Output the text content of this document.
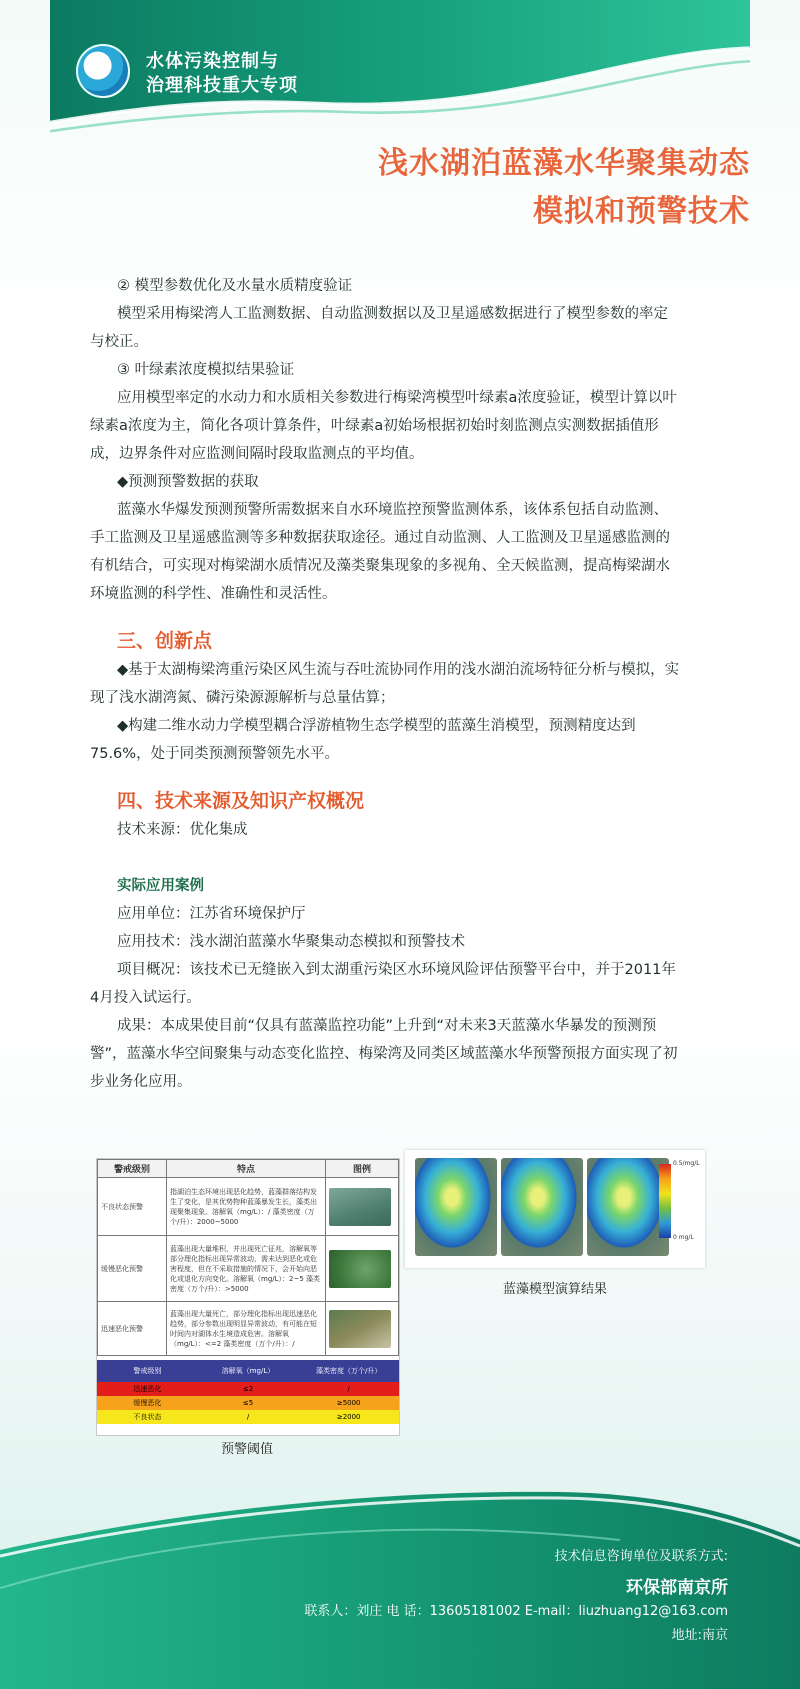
水体污染控制与
治理科技重大专项
浅水湖泊蓝藻水华聚集动态
模拟和预警技术

② 模型参数优化及水量水质精度验证

模型采用梅梁湾人工监测数据、自动监测数据以及卫星遥感数据进行了模型参数的率定与校正。

③ 叶绿素浓度模拟结果验证

应用模型率定的水动力和水质相关参数进行梅梁湾模型叶绿素a浓度验证，模型计算以叶绿素a浓度为主，简化各项计算条件，叶绿素a初始场根据初始时刻监测点实测数据插值形成，边界条件对应监测间隔时段取监测点的平均值。

◆预测预警数据的获取

蓝藻水华爆发预测预警所需数据来自水环境监控预警监测体系，该体系包括自动监测、手工监测及卫星遥感监测等多种数据获取途径。通过自动监测、人工监测及卫星遥感监测的有机结合，可实现对梅梁湖水质情况及藻类聚集现象的多视角、全天候监测，提高梅梁湖水环境监测的科学性、准确性和灵活性。

三、创新点

◆基于太湖梅梁湾重污染区风生流与吞吐流协同作用的浅水湖泊流场特征分析与模拟，实现了浅水湖湾氮、磷污染源源解析与总量估算；

◆构建二维水动力学模型耦合浮游植物生态学模型的蓝藻生消模型，预测精度达到75.6%，处于同类预测预警领先水平。

四、技术来源及知识产权概况

技术来源：优化集成

实际应用案例

应用单位：江苏省环境保护厅

应用技术：浅水湖泊蓝藻水华聚集动态模拟和预警技术

项目概况：该技术已无缝嵌入到太湖重污染区水环境风险评估预警平台中，并于2011年4月投入试运行。

成果：本成果使目前“仅具有蓝藻监控功能”上升到“对未来3天蓝藻水华暴发的预测预警”，蓝藻水华空间聚集与动态变化监控、梅梁湾及同类区域蓝藻水华预警预报方面实现了初步业务化应用。

警戒级别	特点	图例
不良状态预警	指湖泊生态环境出现恶化趋势，蓝藻群落结构发生了变化，是其优势物种蓝藻暴发生长，藻类出现聚集现象。溶解氧（mg/L）：/ 藻类密度（万个/升）：2000~5000	

缓慢恶化预警	蓝藻出现大量堆积，并出现死亡征兆，溶解氧等部分理化指标出现异常波动，需未达到恶化或危害程度，但在不采取措施的情况下，会开始向恶化或退化方向变化。溶解氧（mg/L）：2~5 藻类密度（万个/升）：>5000	

迅速恶化预警	蓝藻出现大量死亡，部分理化指标出现迅速恶化趋势，部分参数出现明显异常波动，有可能在短时间内对湖体水生境造成危害。溶解氧（mg/L）：<=2 藻类密度（万个/升）：/	
警戒级别	溶解氧（mg/L）	藻类密度（万个/升）
迅速恶化	≤2	/
缓慢恶化	≤5	≥5000
不良状态	/	≥2000
预警阈值
0.5/mg/L
0 mg/L
蓝藻模型演算结果
技术信息咨询单位及联系方式:
环保部南京所
联系人：刘庄 电 话：13605181002 E-mail：liuzhuang12@163.com
地址:南京
